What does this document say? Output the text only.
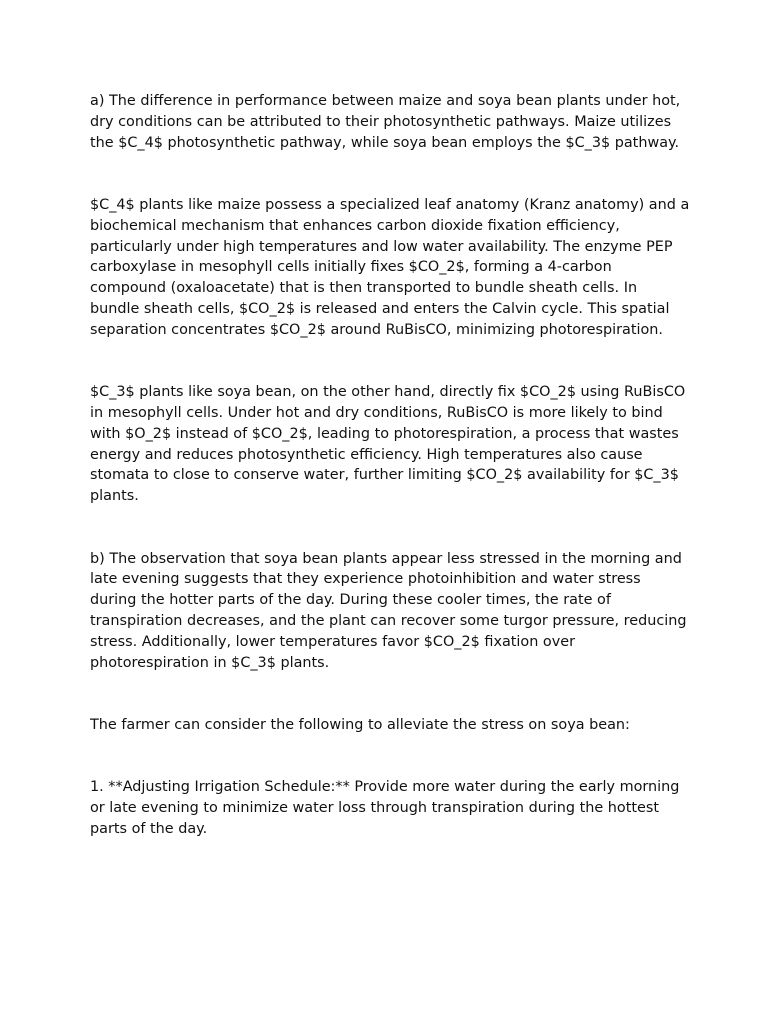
a) The difference in performance between maize and soya bean plants under hot, dry conditions can be attributed to their photosynthetic pathways. Maize utilizes the $C_4$ photosynthetic pathway, while soya bean employs the $C_3$ pathway.

$C_4$ plants like maize possess a specialized leaf anatomy (Kranz anatomy) and a biochemical mechanism that enhances carbon dioxide fixation efficiency, particularly under high temperatures and low water availability. The enzyme PEP carboxylase in mesophyll cells initially fixes $CO_2$, forming a 4-carbon compound (oxaloacetate) that is then transported to bundle sheath cells. In bundle sheath cells, $CO_2$ is released and enters the Calvin cycle. This spatial separation concentrates $CO_2$ around RuBisCO, minimizing photorespiration.

$C_3$ plants like soya bean, on the other hand, directly fix $CO_2$ using RuBisCO in mesophyll cells. Under hot and dry conditions, RuBisCO is more likely to bind with $O_2$ instead of $CO_2$, leading to photorespiration, a process that wastes energy and reduces photosynthetic efficiency. High temperatures also cause stomata to close to conserve water, further limiting $CO_2$ availability for $C_3$ plants.

b) The observation that soya bean plants appear less stressed in the morning and late evening suggests that they experience photoinhibition and water stress during the hotter parts of the day. During these cooler times, the rate of transpiration decreases, and the plant can recover some turgor pressure, reducing stress. Additionally, lower temperatures favor $CO_2$ fixation over photorespiration in $C_3$ plants.

The farmer can consider the following to alleviate the stress on soya bean:

1. **Adjusting Irrigation Schedule:** Provide more water during the early morning or late evening to minimize water loss through transpiration during the hottest parts of the day.
